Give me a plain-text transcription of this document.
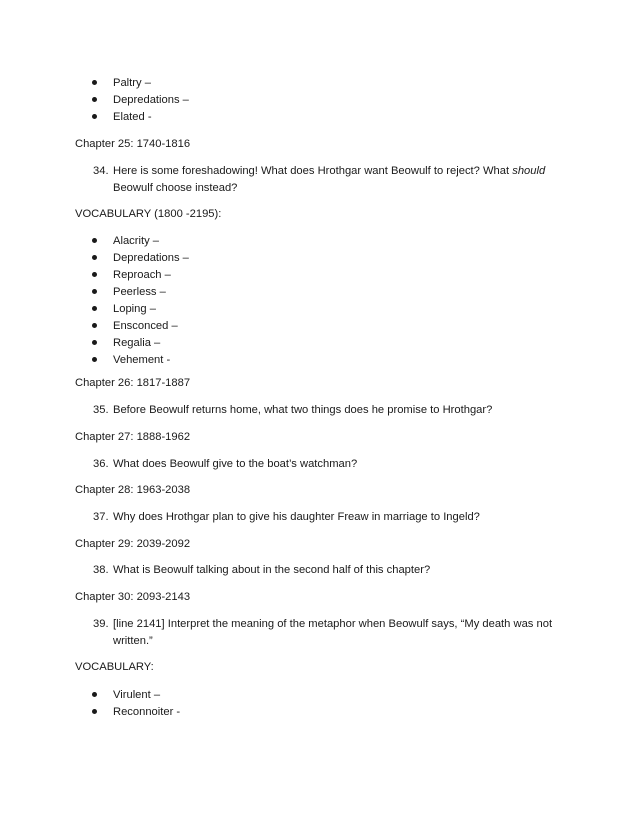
Paltry –
Depredations –
Elated -
Chapter 25: 1740-1816
34. Here is some foreshadowing! What does Hrothgar want Beowulf to reject? What should
Beowulf choose instead?
VOCABULARY (1800 -2195):
Alacrity –
Depredations –
Reproach –
Peerless –
Loping –
Ensconced –
Regalia –
Vehement -
Chapter 26: 1817-1887
35. Before Beowulf returns home, what two things does he promise to Hrothgar?
Chapter 27: 1888-1962
36. What does Beowulf give to the boat’s watchman?
Chapter 28: 1963-2038
37. Why does Hrothgar plan to give his daughter Freaw in marriage to Ingeld?
Chapter 29: 2039-2092
38. What is Beowulf talking about in the second half of this chapter?
Chapter 30: 2093-2143
39. [line 2141] Interpret the meaning of the metaphor when Beowulf says, “My death was not
written.”
VOCABULARY:
Virulent –
Reconnoiter -
